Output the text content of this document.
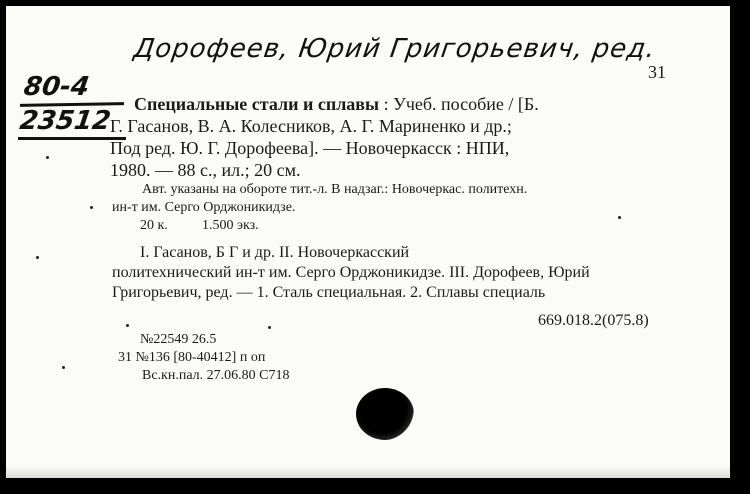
Дорофеев, Юрий Григорьевич, ред.
80-4
23512
31
Специальные стали и сплавы : Учеб. пособие / [Б.
Г. Гасанов, В. А. Колесников, А. Г. Мариненко и др.;
Под ред. Ю. Г. Дорофеева]. — Новочеркасск : НПИ,
1980. — 88 с., ил.; 20 см.
Авт. указаны на обороте тит.-л. В надзаг.: Новочеркас. политехн.
ин-т им. Серго Орджоникидзе.
20 к. 1.500 экз.
I. Гасанов, Б Г и др. II. Новочеркасский
политехнический ин-т им. Серго Орджоникидзе. III. Дорофеев, Юрий
Григорьевич, ред. — 1. Сталь специальная. 2. Сплавы специаль
669.018.2(075.8)
№22549 26.5
31 №136 [80-40412] п оп
Вс.кн.пал. 27.06.80 С718
